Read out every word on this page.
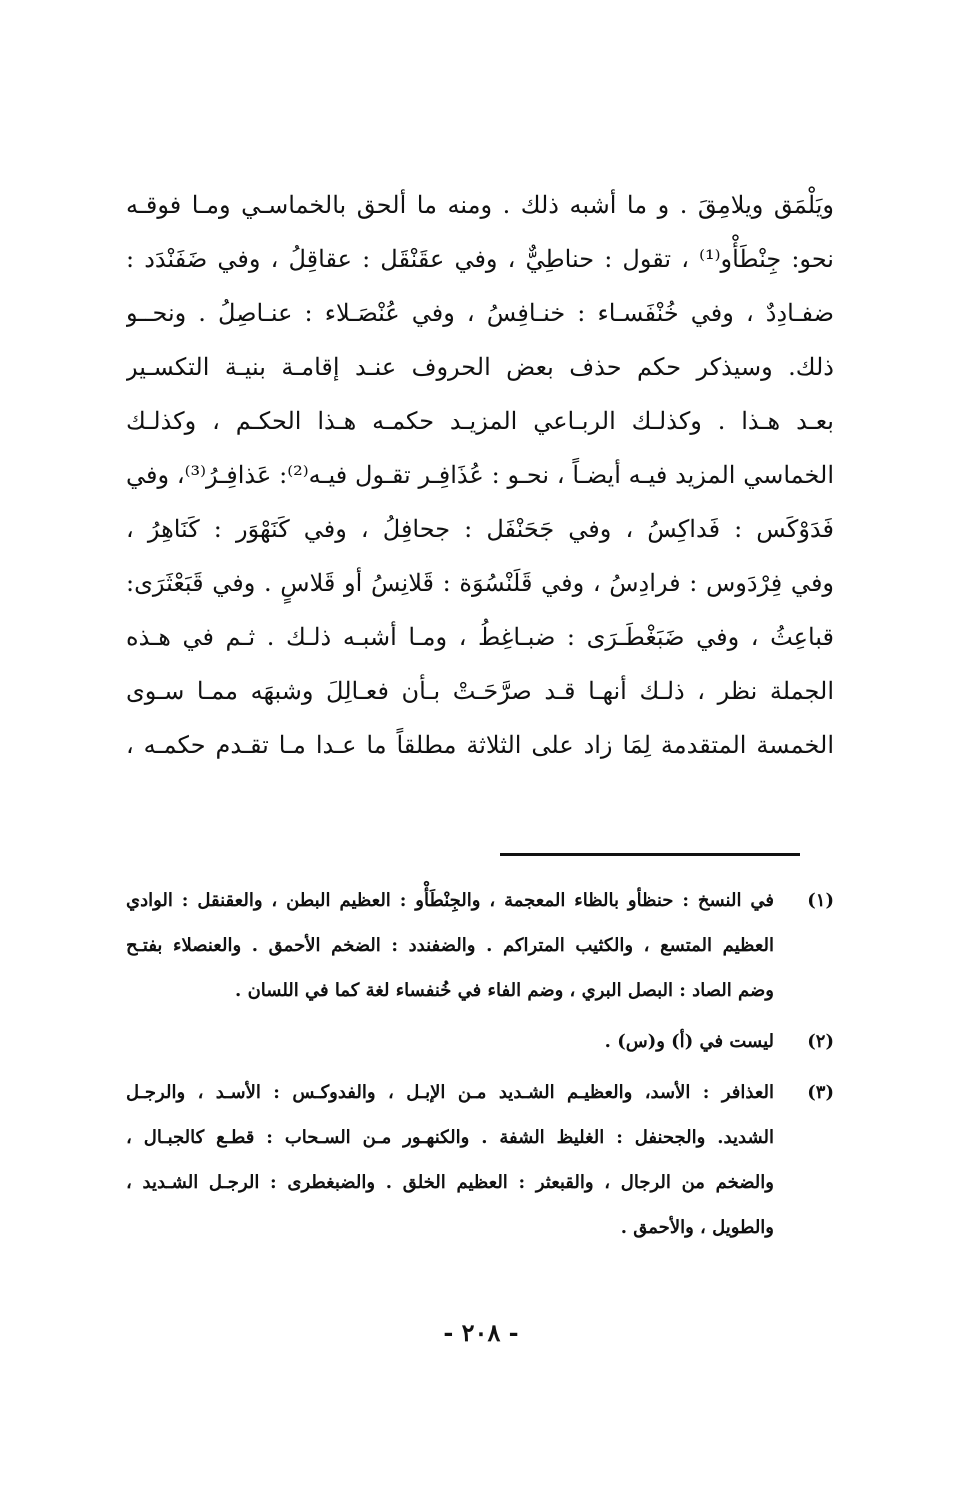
ويَلْمَق ويلامِقَ . و ما أشبه ذلك . ومنه ما ألحق بالخماسـي ومـا فوقـه
نحو: جِنْطَأْو⁽¹⁾ ، تقول : حناطِيٌّ ، وفي عقَنْقَل : عقاقِلُ ، وفي ضَفَنْدَد :
ضفـادِدٌ ، وفي خُنْفَسـاء : خنـافِسُ ، وفي عُنْصَـلاء : عنـاصِلُ . ونحــو
ذلك. وسيذكر حكم حذف بعض الحروف عنـد إقامـة بنيـة التكسـير
بعـد هـذا . وكذلـك الربـاعي المزيـد حكمـه هـذا الحكـم ، وكذلـك
الخماسي المزيد فيـه أيضـاً ، نحـو : عُذَافِـر تقـول فيـه⁽²⁾: عَذافِـرُ⁽³⁾، وفي
فَدَوْكَس : فَداكِسُ ، وفي جَحَنْفَل : جحافِلُ ، وفي كَنَهْوَر : كَنَاهِرُ ،
وفي فِرْدَوس : فرادِسُ ، وفي قَلَنْسُوَة : قَلانِسُ أو قَلاسٍ . وفي قَبَعْثَرَى:
قباعِثُ ، وفي ضَبَغْطَـرَى : ضبـاغِطُ ، ومـا أشبـه ذلـك . ثـم في هـذه
الجملة نظر ، ذلـك أنهـا قـد صرَّحَـتْ بـأن فعـالِلَ وشبهَه ممـا سـوى
الخمسة المتقدمة لِمَا زاد على الثلاثة مطلقاً ما عـدا مـا تقـدم حكمـه ،
(١)
في النسخ : حنظأو بالظاء المعجمة ، والجِنْطَأْو : العظيم البطن ، والعقنقل : الوادي
العظيم المتسع ، والكثيب المتراكم . والضفندد : الضخم الأحمق . والعنصلاء بفتـح
وضم الصاد : البصل البري ، وضم الفاء في خُنفساء لغة كما في اللسان .
(٢)
ليست في (أ) و(س) .
(٣)
العذافر : الأسد، والعظيـم الشـديد مـن الإبـل ، والفدوكـس : الأسـد ، والرجـل
الشديد. والجحنفل : الغليظ الشفة . والكنهـور مـن السـحاب : قطـع كالجبـال ،
والضخم من الرجال ، والقبعثر : العظيم الخلق . والضبغطرى : الرجـل الشـديد ،
والطويل ، والأحمق .
- ٢٠٨ -
